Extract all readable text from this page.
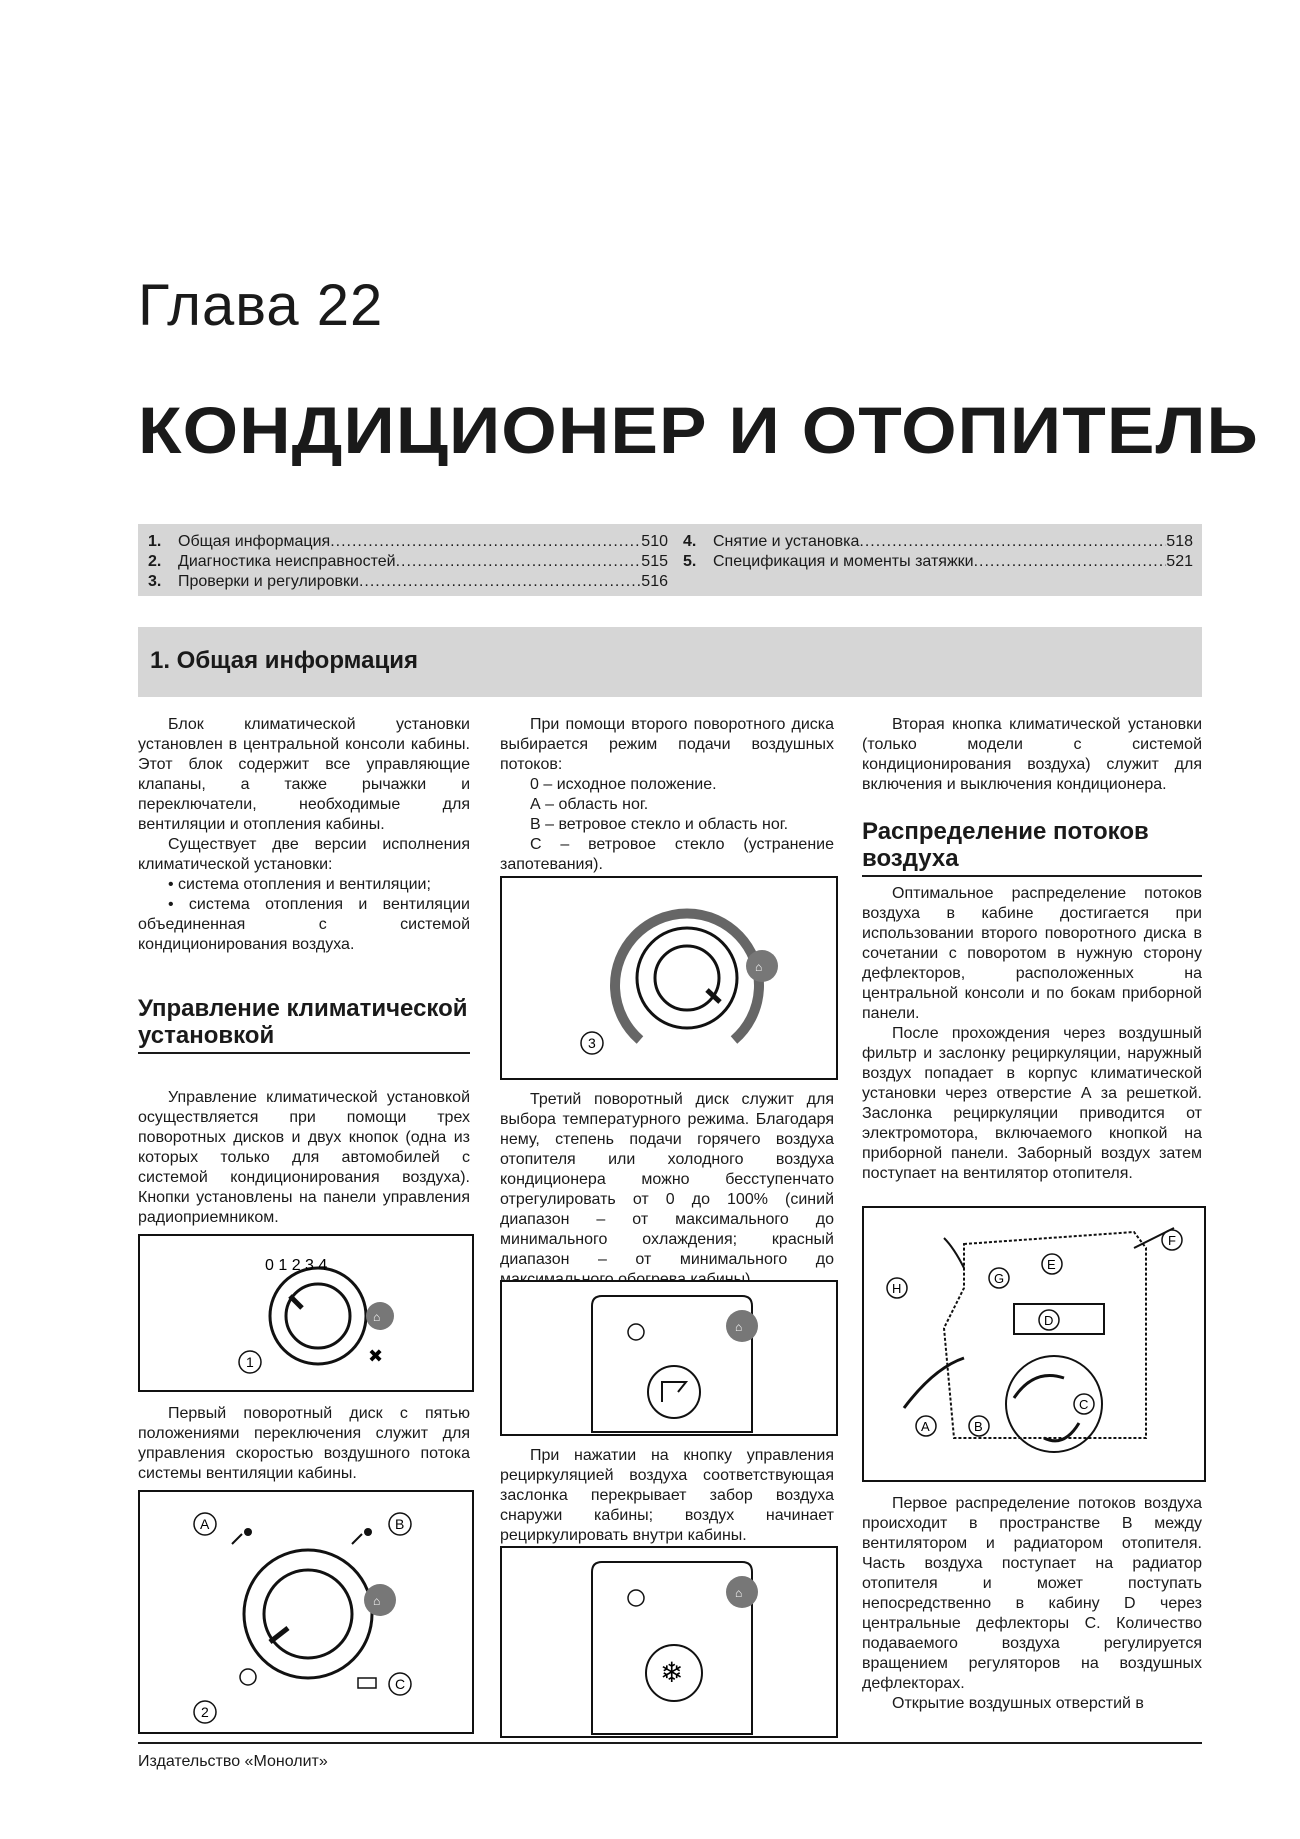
Глава 22
КОНДИЦИОНЕР И ОТОПИТЕЛЬ
1.	Общая информация .....	510
2.	Диагностика неисправностей .....	515
3.	Проверки и регулировки .....	516
4.	Снятие и установка .....	518
5.	Спецификация и моменты затяжки .....	521
1. Общая информация

Блок климатической установки установлен в центральной консоли кабины. Этот блок содержит все управляющие клапаны, а также рычажки и переключатели, необходимые для вентиляции и отопления кабины.

Существует две версии исполнения климатической установки:

• система отопления и вентиляции;

• система отопления и вентиляции объединенная с системой кондиционирования воздуха.

Управление климатической установкой

Управление климатической установкой осуществляется при помощи трех поворотных дисков и двух кнопок (одна из которых только для автомобилей с системой кондиционирования воздуха). Кнопки установлены на панели управления радиоприемником.

0 1 2 3 4
⌂
✖
1

Первый поворотный диск с пятью положениями переключения служит для управления скоростью воздушного потока системы вентиляции кабины.

⌂
A	B
C
2

При помощи второго поворотного диска выбирается режим подачи воздушных потоков:

0 – исходное положение.

А – область ног.

В – ветровое стекло и область ног.

С – ветровое стекло (устранение запотевания).

⌂
3

Третий поворотный диск служит для выбора температурного режима. Благодаря нему, степень подачи горячего воздуха отопителя или холодного воздуха кондиционера можно бесступенчато отрегулировать от 0 до 100% (синий диапазон – от максимального до минимального охлаждения; красный диапазон – от минимального до

⌂

При нажатии на кнопку управления рециркуляцией воздуха соответствующая заслонка перекрывает забор воздуха снаружи кабины; воздух начинает рециркулировать внутри кабины.

❄
⌂

Вторая кнопка климатической установки (только модели с системой кондиционирования воздуха) служит для включения и выключения кондиционера.

Распределение потоков воздуха

Оптимальное распределение потоков воздуха в кабине достигается при использовании второго поворотного диска в сочетании с поворотом в нужную сторону дефлекторов, расположенных на центральной консоли и по бокам приборной панели.

После прохождения через воздушный фильтр и заслонку рециркуляции, наружный воздух попадает в корпус климатической установки через отверстие А за решеткой. Заслонка рециркуляции приводится от электромотора, включаемого кнопкой на приборной панели. Заборный воздух затем поступает на вентилятор отопителя.

G
E
D
F
H
A	B
C

Первое распределение потоков воздуха происходит в пространстве В между вентилятором и радиатором отопителя. Часть воздуха поступает на радиатор отопителя и может поступать непосредственно в кабину D через центральные дефлекторы С. Количество подаваемого воздуха регулируется вращением регуляторов на воздушных дефлекторах.

Открытие воздушных отверстий в

Издательство «Монолит»
